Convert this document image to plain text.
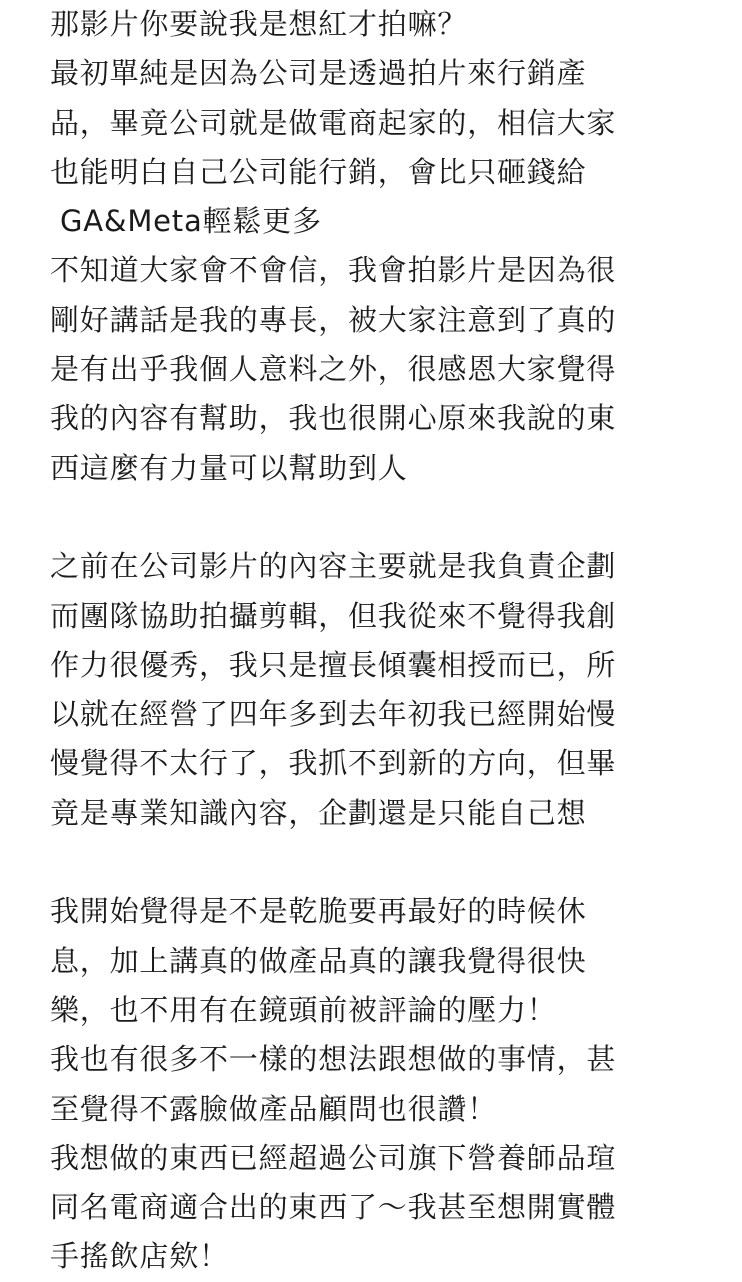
那影片你要說我是想紅才拍嘛？
最初單純是因為公司是透過拍片來行銷產
品，畢竟公司就是做電商起家的，相信大家
也能明白自己公司能行銷，會比只砸錢給
GA&Meta輕鬆更多
不知道大家會不會信，我會拍影片是因為很
剛好講話是我的專長，被大家注意到了真的
是有出乎我個人意料之外，很感恩大家覺得
我的內容有幫助，我也很開心原來我說的東
西這麼有力量可以幫助到人
之前在公司影片的內容主要就是我負責企劃
而團隊協助拍攝剪輯，但我從來不覺得我創
作力很優秀，我只是擅長傾囊相授而已，所
以就在經營了四年多到去年初我已經開始慢
慢覺得不太行了，我抓不到新的方向，但畢
竟是專業知識內容，企劃還是只能自己想
我開始覺得是不是乾脆要再最好的時候休
息，加上講真的做產品真的讓我覺得很快
樂，也不用有在鏡頭前被評論的壓力！
我也有很多不一樣的想法跟想做的事情，甚
至覺得不露臉做產品顧問也很讚！
我想做的東西已經超過公司旗下營養師品瑄
同名電商適合出的東西了～我甚至想開實體
手搖飲店欸！
